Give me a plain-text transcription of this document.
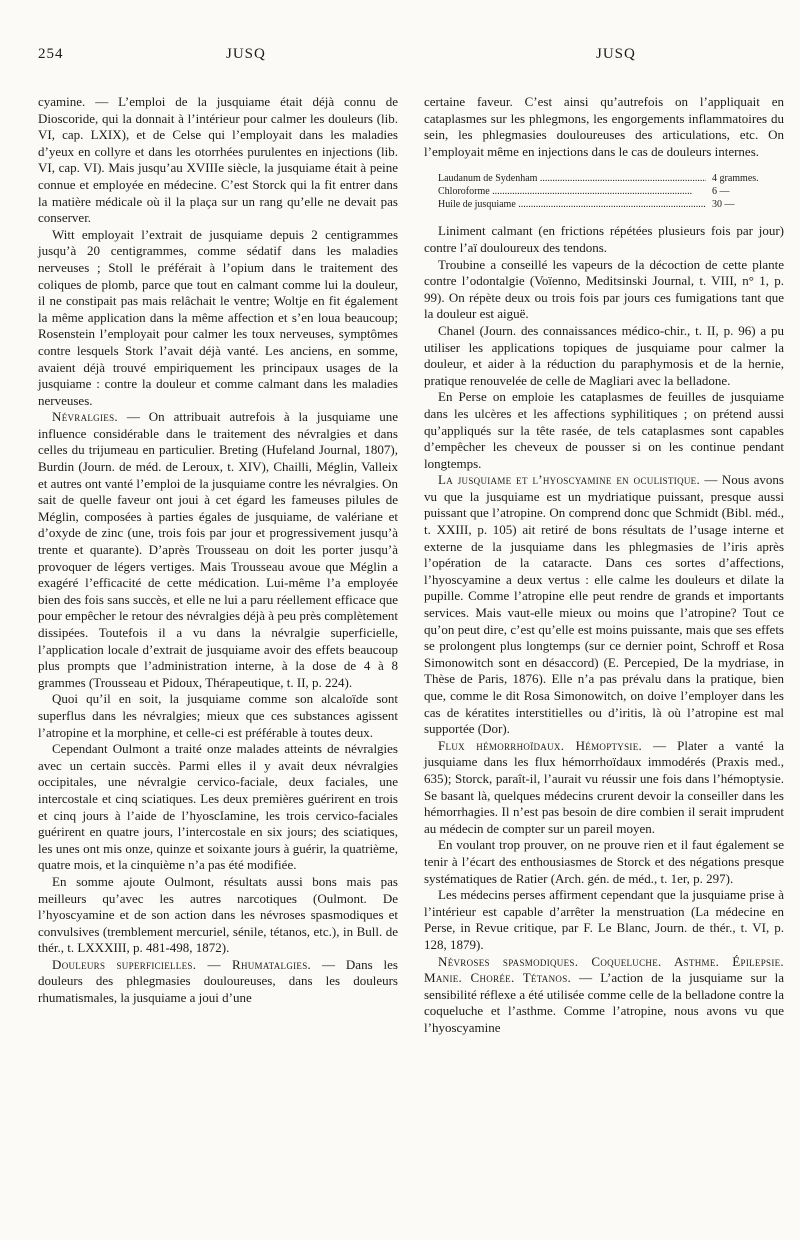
254	JUSQ	JUSQ

cyamine. — L’emploi de la jusquiame était déjà connu de Dioscoride, qui la donnait à l’intérieur pour calmer les douleurs (lib. VI, cap. LXIX), et de Celse qui l’employait dans les maladies d’yeux en collyre et dans les otorrhées purulentes en injections (lib. VI, cap. VI). Mais jusqu’au XVIIIe siècle, la jusquiame était à peine connue et employée en médecine. C’est Storck qui la fit entrer dans la matière médicale où il la plaça sur un rang qu’elle ne devait pas conserver.

Witt employait l’extrait de jusquiame depuis 2 centigrammes jusqu’à 20 centigrammes, comme sédatif dans les maladies nerveuses ; Stoll le préférait à l’opium dans le traitement des coliques de plomb, parce que tout en calmant comme lui la douleur, il ne constipait pas mais relâchait le ventre; Woltje en fit également la même application dans la même affection et s’en loua beaucoup; Rosenstein l’employait pour calmer les toux nerveuses, symptômes contre lesquels Stork l’avait déjà vanté. Les anciens, en somme, avaient déjà trouvé empiriquement les principaux usages de la jusquiame : contre la douleur et comme calmant dans les maladies nerveuses.

Névralgies. — On attribuait autrefois à la jusquiame une influence considérable dans le traitement des névralgies et dans celles du trijumeau en particulier. Breting (Hufeland Journal, 1807), Burdin (Journ. de méd. de Leroux, t. XIV), Chailli, Méglin, Valleix et autres ont vanté l’emploi de la jusquiame contre les névralgies. On sait de quelle faveur ont joui à cet égard les fameuses pilules de Méglin, composées à parties égales de jusquiame, de valériane et d’oxyde de zinc (une, trois fois par jour et progressivement jusqu’à trente et quarante). D’après Trousseau on doit les porter jusqu’à provoquer de légers vertiges. Mais Trousseau avoue que Méglin a exagéré l’efficacité de cette médication. Lui-même l’a employée bien des fois sans succès, et elle ne lui a paru réellement efficace que pour empêcher le retour des névralgies déjà à peu près complètement dissipées. Toutefois il a vu dans la névralgie superficielle, l’application locale d’extrait de jusquiame avoir des effets beaucoup plus prompts que l’administration interne, à la dose de 4 à 8 grammes (Trousseau et Pidoux, Thérapeutique, t. II, p. 224).

Quoi qu’il en soit, la jusquiame comme son alcaloïde sont superflus dans les névralgies; mieux que ces substances agissent l’atropine et la morphine, et celle-ci est préférable à toutes deux.

Cependant Oulmont a traité onze malades atteints de névralgies avec un certain succès. Parmi elles il y avait deux névralgies occipitales, une névralgie cervico-faciale, deux faciales, une intercostale et cinq sciatiques. Les deux premières guérirent en trois et cinq jours à l’aide de l’hyoscIamine, les trois cervico-faciales guérirent en quatre jours, l’intercostale en six jours; des sciatiques, les unes ont mis onze, quinze et soixante jours à guérir, la quatrième, quatre mois, et la cinquième n’a pas été modifiée.

En somme ajoute Oulmont, résultats aussi bons mais pas meilleurs qu’avec les autres narcotiques (Oulmont. De l’hyoscyamine et de son action dans les névroses spasmodiques et convulsives (tremblement mercuriel, sénile, tétanos, etc.), in Bull. de thér., t. LXXXIII, p. 481-498, 1872).

Douleurs superficielles. — Rhumatalgies. — Dans les douleurs des phlegmasies douloureuses, dans les douleurs rhumatismales, la jusquiame a joui d’une

certaine faveur. C’est ainsi qu’autrefois on l’appliquait en cataplasmes sur les phlegmons, les engorgements inflammatoires du sein, les phlegmasies douloureuses des articulations, etc. On l’employait même en injections dans le cas de douleurs internes.

Laudanum de Sydenham .....	4 grammes.
Chloroforme .....	6 —
Huile de jusquiame .....	30 —

Liniment calmant (en frictions répétées plusieurs fois par jour) contre l’aï douloureux des tendons.

Troubine a conseillé les vapeurs de la décoction de cette plante contre l’odontalgie (Voïenno, Meditsinski Journal, t. VIII, n° 1, p. 99). On répète deux ou trois fois par jours ces fumigations tant que la douleur est aiguë.

Chanel (Journ. des connaissances médico-chir., t. II, p. 96) a pu utiliser les applications topiques de jusquiame pour calmer la douleur, et aider à la réduction du paraphymosis et de la hernie, pratique renouvelée de celle de Magliari avec la belladone.

En Perse on emploie les cataplasmes de feuilles de jusquiame dans les ulcères et les affections syphilitiques ; on prétend aussi qu’appliqués sur la tête rasée, de tels cataplasmes sont capables d’empêcher les cheveux de pousser si on les continue pendant longtemps.

La jusquiame et l’hyoscyamine en oculistique. — Nous avons vu que la jusquiame est un mydriatique puissant, presque aussi puissant que l’atropine. On comprend donc que Schmidt (Bibl. méd., t. XXIII, p. 105) ait retiré de bons résultats de l’usage interne et externe de la jusquiame dans les phlegmasies de l’iris après l’opération de la cataracte. Dans ces sortes d’affections, l’hyoscyamine a deux vertus : elle calme les douleurs et dilate la pupille. Comme l’atropine elle peut rendre de grands et importants services. Mais vaut-elle mieux ou moins que l’atropine? Tout ce qu’on peut dire, c’est qu’elle est moins puissante, mais que ses effets se prolongent plus longtemps (sur ce dernier point, Schroff et Rosa Simonowitch sont en désaccord) (E. Percepied, De la mydriase, in Thèse de Paris, 1876). Elle n’a pas prévalu dans la pratique, bien que, comme le dit Rosa Simonowitch, on doive l’employer dans les cas de kératites interstitielles ou d’iritis, là où l’atropine est mal supportée (Dor).

Flux hémorrhoïdaux. Hémoptysie. — Plater a vanté la jusquiame dans les flux hémorrhoïdaux immodérés (Praxis med., 635); Storck, paraît-il, l’aurait vu réussir une fois dans l’hémoptysie. Se basant là, quelques médecins crurent devoir la conseiller dans les hémorrhagies. Il n’est pas besoin de dire combien il serait imprudent au médecin de compter sur un pareil moyen.

En voulant trop prouver, on ne prouve rien et il faut également se tenir à l’écart des enthousiasmes de Storck et des négations presque systématiques de Ratier (Arch. gén. de méd., t. 1er, p. 297).

Les médecins perses affirment cependant que la jusquiame prise à l’intérieur est capable d’arrêter la menstruation (La médecine en Perse, in Revue critique, par F. Le Blanc, Journ. de thér., t. VI, p. 128, 1879).

Névroses spasmodiques. Coqueluche. Asthme. Épilepsie. Manie. Chorée. Tétanos. — L’action de la jusquiame sur la sensibilité réflexe a été utilisée comme celle de la belladone contre la coqueluche et l’asthme. Comme l’atropine, nous avons vu que l’hyoscyamine
